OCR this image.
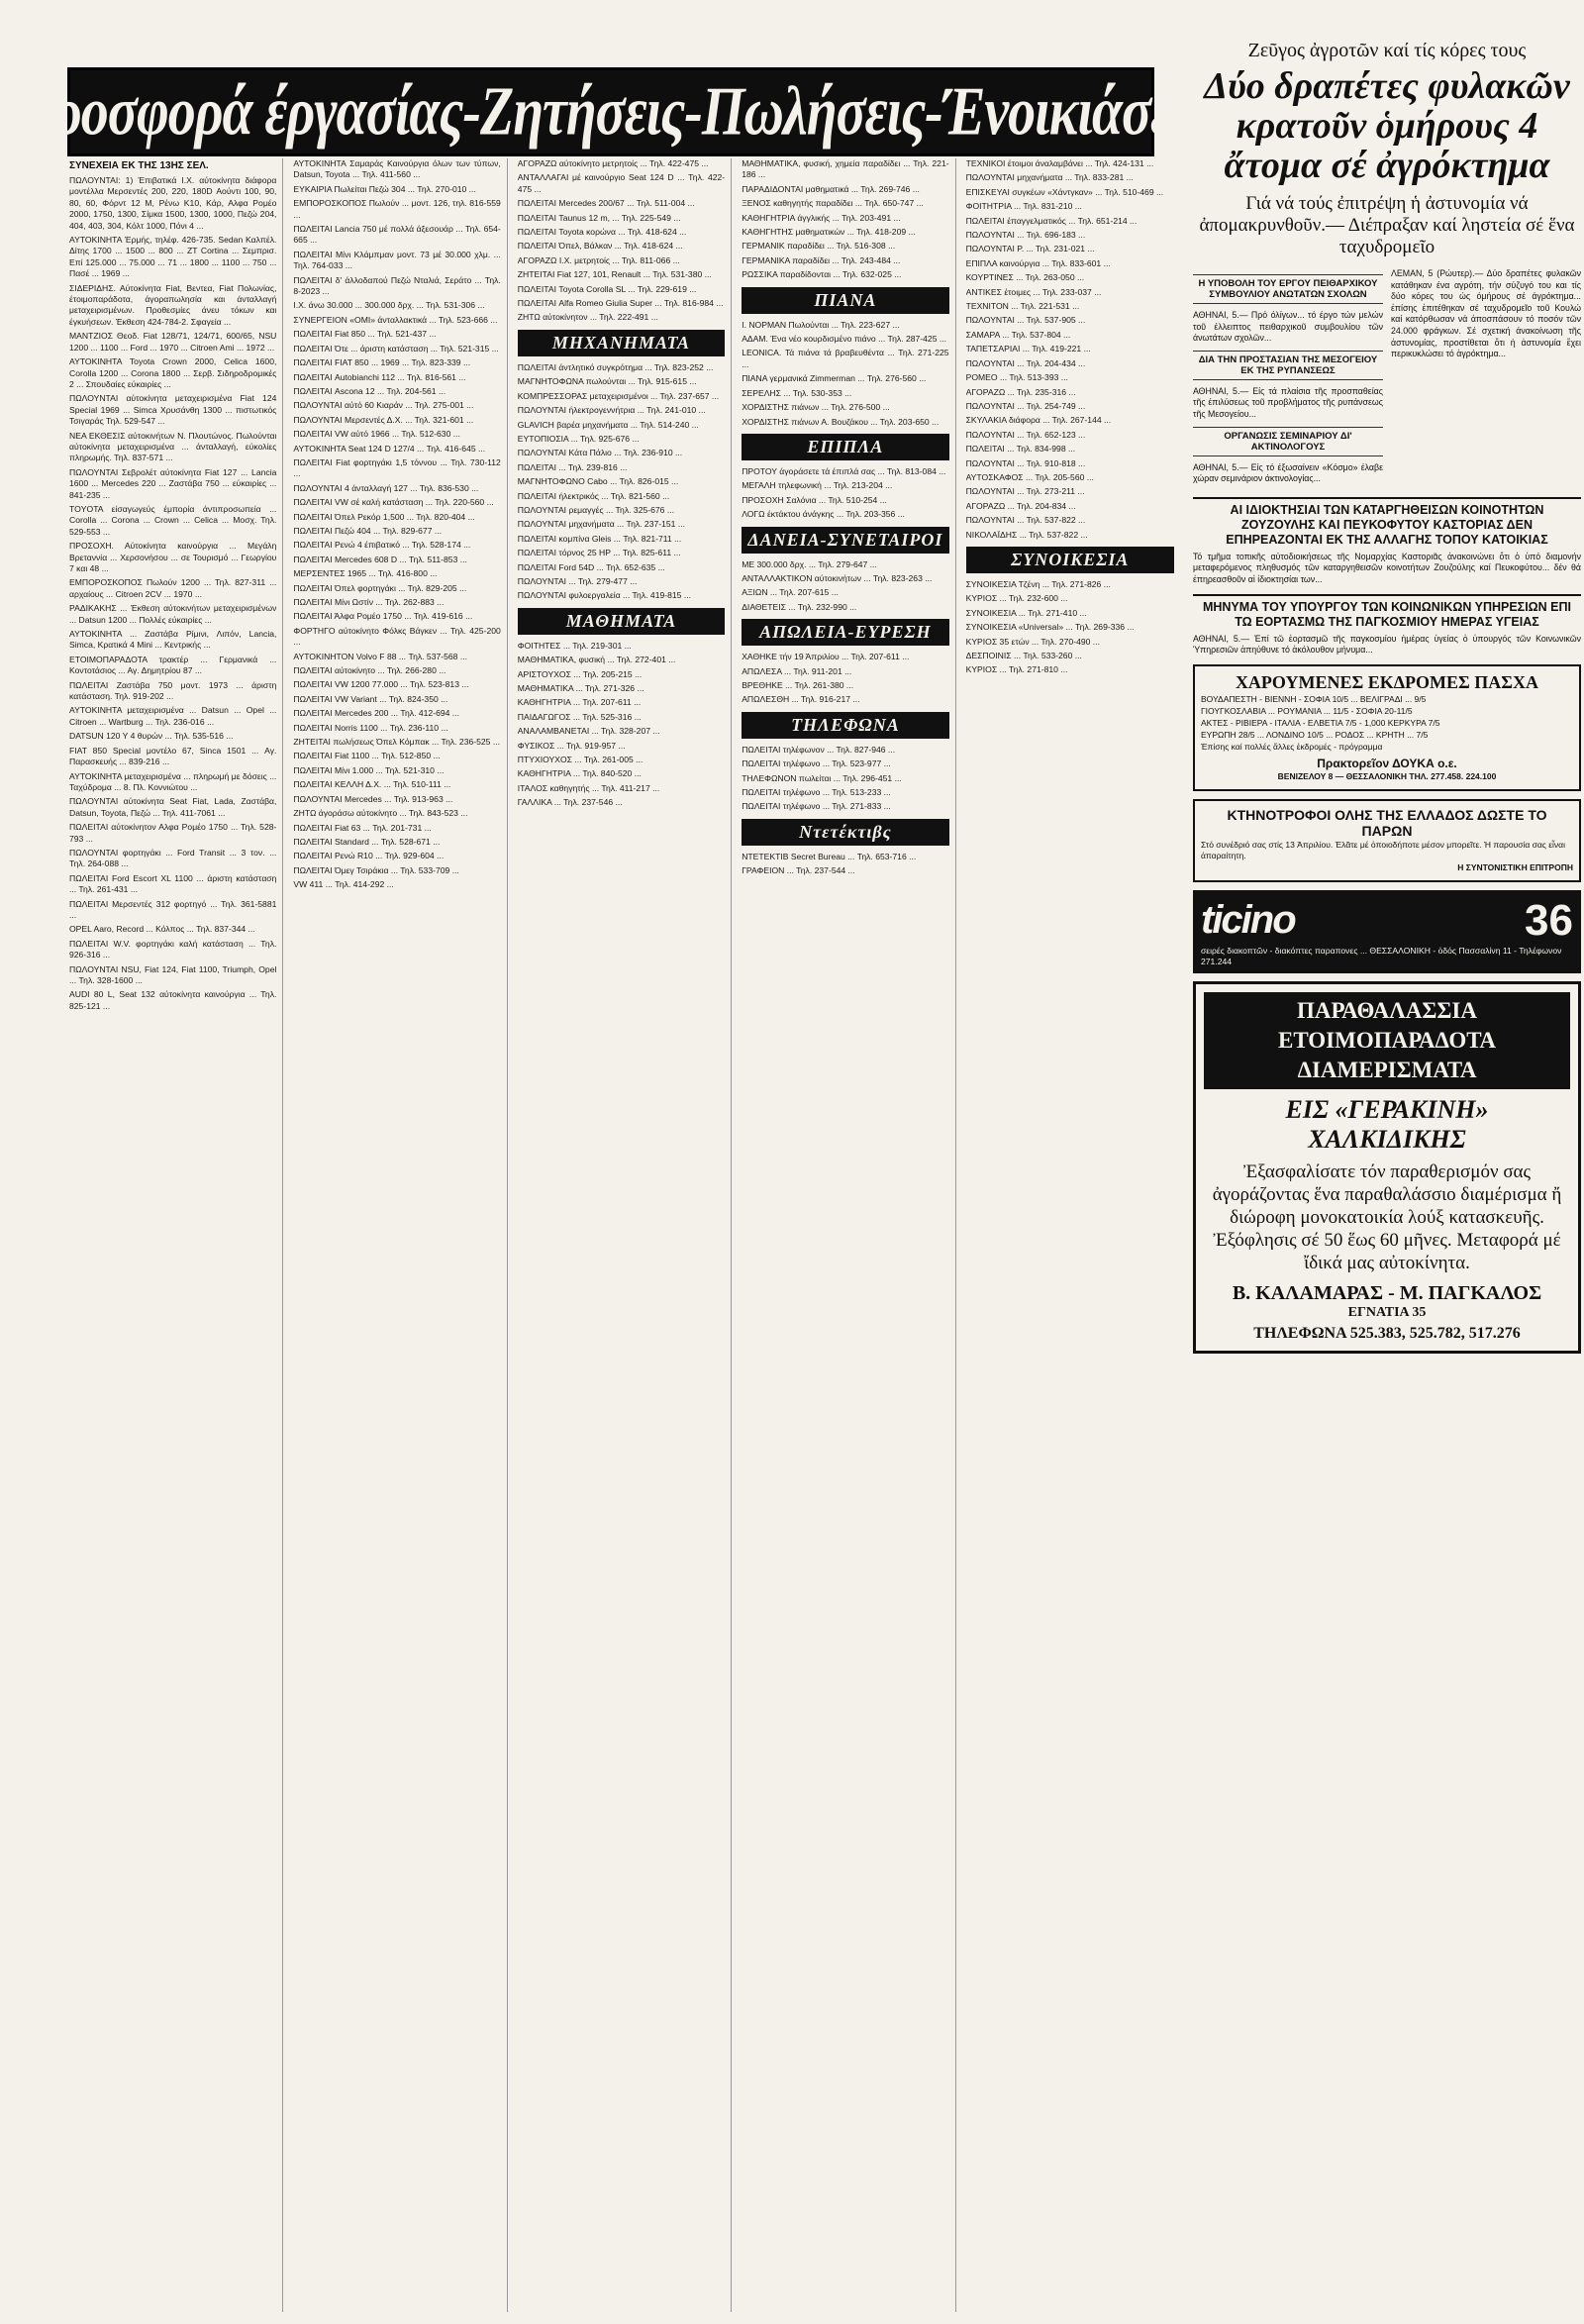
Προσφορά έργασίας-Ζητήσεις-Πωλήσεις-Ένοικιάσεις
ΣΥΝΕΧΕΙΑ ΕΚ ΤΗΣ 13ΗΣ ΣΕΛ.
ΠΩΛΟΥΝΤΑΙ: 1) Έπιβατικά Ι.Χ. αύτοκίνητα διάφορα μοντέλλα Μερσεντές 200, 220, 180D Αούντι 100, 90, 80, 60, Φόρντ 12 Μ, Ρένω Κ10, Κάρ, Αλφα Ρομέο 2000, 1750, 1300, Σίμκα 1500, 1300, 1000, Πεζώ 204, 404, 403, 304, Κόλτ 1000, Πόνι 4 ...
ΑΥΤΟΚΙΝΗΤΑ Έρμής, τηλέφ. 426-735. Sedan Καλπέλ. Δίτης 1700 ... 1500 ... 800 ... ΖΤ Cortina ... Σεμπρισ. Επί 125.000 ... 75.000 ... 71 ... 1800 ... 1100 ... 750 ... Πασέ ... 1969 ...
ΣΙΔΕΡΙΔΗΣ. Αύτοκίνητα Fiat, Βεντεα, Fiat Πολωνίας, έτοιμοπαράδοτα, άγοραπωλησία και άνταλλαγή μεταχειρισμένων. Προθεσμίες άνευ τόκων και έγκυήσεων. Έκθεση 424-784-2. Σφαγεία ...
ΜΑΝΤΖΙΟΣ Θεοδ. Fiat 128/71, 124/71, 600/65, NSU 1200 ... 1100 ... Ford ... 1970 ... Citroen Ami ... 1972 ...
ΑΥΤΟΚΙΝΗΤΑ Toyota Crown 2000, Celica 1600, Corolla 1200 ... Corona 1800 ... Σερβ. Σιδηροδρομικές 2 ... Σπουδαίες εύκαιρίες ...
ΠΩΛΟΥΝΤΑΙ αύτοκίνητα μεταχειρισμένα Fiat 124 Special 1969 ... Simca Χρυσάνθη 1300 ... πιστωτικός Τσιγαράς Τηλ. 529-547 ...
NEA ΕΚΘΕΣΙΣ αύτοκινήτων Ν. Πλουτώνος. Πωλούνται αύτοκίνητα μεταχειρισμένα ... άνταλλαγή, εύκολίες πληρωμής. Τηλ. 837-571 ...
ΠΩΛΟΥΝΤΑΙ Σεβρολέτ αύτοκίνητα Fiat 127 ... Lancia 1600 ... Mercedes 220 ... Ζαστάβα 750 ... εύκαιρίες ... 841-235 ...
TOYOTA είσαγωγεύς έμπορία άντιπροσωπεία ... Corolla ... Corona ... Crown ... Celica ... Μοσχ. Τηλ. 529-553 ...
ΠΡΟΣΟΧΗ. Αύτοκίνητα καινούργια ... Μεγάλη Βρεταννία ... Χερσονήσου ... σε Τουρισμό ... Γεωργίου 7 και 48 ...
ΕΜΠΟΡΟΣΚΟΠΟΣ Πωλούν 1200 ... Τηλ. 827-311 ... αρχαίους ... Citroen 2CV ... 1970 ...
ΡΑΔΙΚΑΚΗΣ ... Έκθεση αύτοκινήτων μεταχειρισμένων ... Datsun 1200 ... Πολλές εύκαιρίες ...
ΑΥΤΟΚΙΝΗΤΑ ... Ζαστάβα Ρίμινι, Λιπόν, Lancia, Simca, Κρατικά 4 Mini ... Κεντρικής ...
ΕΤΟΙΜΟΠΑΡΑΔΟΤΑ τρακτέρ ... Γερμανικά ... Κοντοτάσιος ... Αγ. Δημητρίου 87 ...
ΠΩΛΕΙΤΑΙ Ζαστάβα 750 μοντ. 1973 ... άριστη κατάσταση. Τηλ. 919-202 ...
ΑΥΤΟΚΙΝΗΤΑ μεταχειρισμένα ... Datsun ... Opel ... Citroen ... Wartburg ... Τηλ. 236-016 ...
DATSUN 120 Y 4 θυρών ... Τηλ. 535-516 ...
FIAT 850 Special μοντέλο 67, Sinca 1501 ... Αγ. Παρασκευής ... 839-216 ...
ΑΥΤΟΚΙΝΗΤΑ μεταχειρισμένα ... πληρωμή με δόσεις ... Ταχύδρομα ... 8. Πλ. Κοννιώτου ...
ΠΩΛΟΥΝΤΑΙ αύτοκίνητα Seat Fiat, Lada, Ζαστάβα, Datsun, Toyota, Πεζώ ... Τηλ. 411-7061 ...
ΠΩΛΕΙΤΑΙ αύτοκίνητον Αλφα Ρομέο 1750 ... Τηλ. 528-793 ...
ΠΩΛΟΥΝΤΑΙ φορτηγάκι ... Ford Transit ... 3 τον. ... Τηλ. 264-088 ...
ΠΩΛΕΙΤΑΙ Ford Escort XL 1100 ... άριστη κατάσταση ... Τηλ. 261-431 ...
ΠΩΛΕΙΤΑΙ Μερσεντές 312 φορτηγό ... Τηλ. 361-5881 ...
OPEL Aaro, Record ... Κόλπος ... Τηλ. 837-344 ...
ΠΩΛΕΙΤΑΙ W.V. φορτηγάκι καλή κατάσταση ... Τηλ. 926-316 ...
ΠΩΛΟΥΝΤΑΙ NSU, Fiat 124, Fiat 1100, Triumph, Opel ... Τηλ. 328-1600 ...
AUDI 80 L, Seat 132 αύτοκίνητα καινούργια ... Τηλ. 825-121 ...
ΑΥΤΟΚΙΝΗΤΑ Σαμαράς Καινούργια όλων των τύπων, Datsun, Toyota ... Τηλ. 411-560 ...
ΕΥΚΑΙΡΙΑ Πωλείται Πεζώ 304 ... Τηλ. 270-010 ...
ΕΜΠΟΡΟΣΚΟΠΟΣ Πωλούν ... μοντ. 126, τηλ. 816-559 ...
ΠΩΛΕΙΤΑΙ Lancia 750 μέ πολλά άξεσουάρ ... Τηλ. 654-665 ...
ΠΩΛΕΙΤΑΙ Μίνι Κλάμπμαν μοντ. 73 μέ 30.000 χλμ. ... Τηλ. 764-033 ...
ΠΩΛΕΙΤΑΙ δ' άλλοδαπού Πεζώ Νταλιά, Σεράτο ... Τηλ. 8-2023 ...
Ι.Χ. άνω 30.000 ... 300.000 δρχ. ... Τηλ. 531-306 ...
ΣΥΝΕΡΓΕΙΟΝ «ΟΜΙ» άνταλλακτικά ... Τηλ. 523-666 ...
ΠΩΛΕΙΤΑΙ Fiat 850 ... Τηλ. 521-437 ...
ΠΩΛΕΙΤΑΙ Ότε ... άριστη κατάσταση ... Τηλ. 521-315 ...
ΠΩΛΕΙΤΑΙ FIAT 850 ... 1969 ... Τηλ. 823-339 ...
ΠΩΛΕΙΤΑΙ Autobianchi 112 ... Τηλ. 816-561 ...
ΠΩΛΕΙΤΑΙ Ascona 12 ... Τηλ. 204-561 ...
ΠΩΛΟΥΝΤΑΙ αύτό 60 Κιαράν ... Τηλ. 275-001 ...
ΠΩΛΟΥΝΤΑΙ Μερσεντές Δ.Χ. ... Τηλ. 321-601 ...
ΠΩΛΕΙΤΑΙ VW αύτό 1966 ... Τηλ. 512-630 ...
ΑΥΤΟΚΙΝΗΤΑ Seat 124 D 127/4 ... Τηλ. 416-645 ...
ΠΩΛΕΙΤΑΙ Fiat φορτηγάκι 1,5 τόννου ... Τηλ. 730-112 ...
ΠΩΛΟΥΝΤΑΙ 4 άνταλλαγή 127 ... Τηλ. 836-530 ...
ΠΩΛΕΙΤΑΙ VW σέ καλή κατάσταση ... Τηλ. 220-560 ...
ΠΩΛΕΙΤΑΙ Όπελ Ρεκόρ 1,500 ... Τηλ. 820-404 ...
ΠΩΛΕΙΤΑΙ Πεζώ 404 ... Τηλ. 829-677 ...
ΠΩΛΕΙΤΑΙ Ρενώ 4 έπιβατικό ... Τηλ. 528-174 ...
ΠΩΛΕΙΤΑΙ Mercedes 608 D ... Τηλ. 511-853 ...
ΜΕΡΣΕΝΤΕΣ 1965 ... Τηλ. 416-800 ...
ΠΩΛΕΙΤΑΙ Όπελ φορτηγάκι ... Τηλ. 829-205 ...
ΠΩΛΕΙΤΑΙ Μίνι Ωστίν ... Τηλ. 262-883 ...
ΠΩΛΕΙΤΑΙ Άλφα Ρομέο 1750 ... Τηλ. 419-616 ...
ΦΟΡΤΗΓΟ αύτοκίνητο Φόλκς Βάγκεν ... Τηλ. 425-200 ...
ΑΥΤΟΚΙΝΗΤΟΝ Volvo F 88 ... Τηλ. 537-568 ...
ΠΩΛΕΙΤΑΙ αύτοκίνητο ... Τηλ. 266-280 ...
ΠΩΛΕΙΤΑΙ VW 1200 77.000 ... Τηλ. 523-813 ...
ΠΩΛΕΙΤΑΙ VW Variant ... Τηλ. 824-350 ...
ΠΩΛΕΙΤΑΙ Mercedes 200 ... Τηλ. 412-694 ...
ΠΩΛΕΙΤΑΙ Norris 1100 ... Τηλ. 236-110 ...
ΖΗΤΕΙΤΑΙ πωλήσεως Όπελ Κόμπακ ... Τηλ. 236-525 ...
ΠΩΛΕΙΤΑΙ Fiat 1100 ... Τηλ. 512-850 ...
ΠΩΛΕΙΤΑΙ Μίνι 1.000 ... Τηλ. 521-310 ...
ΠΩΛΕΙΤΑΙ ΚΕΛΛΗ Δ.Χ. ... Τηλ. 510-111 ...
ΠΩΛΟΥΝΤΑΙ Mercedes ... Τηλ. 913-963 ...
ΖΗΤΩ άγοράσω αύτοκίνητο ... Τηλ. 843-523 ...
ΠΩΛΕΙΤΑΙ Fiat 63 ... Τηλ. 201-731 ...
ΠΩΛΕΙΤΑΙ Standard ... Τηλ. 528-671 ...
ΠΩΛΕΙΤΑΙ Ρενώ R10 ... Τηλ. 929-604 ...
ΠΩΛΕΙΤΑΙ Όμεγ Τσιράκια ... Τηλ. 533-709 ...
VW 411 ... Τηλ. 414-292 ...
ΑΓΟΡΑΖΩ αύτοκίνητο μετρητοίς ... Τηλ. 422-475 ...
ΑΝΤΑΛΛΑΓΑΙ μέ καινούργιο Seat 124 D ... Τηλ. 422-475 ...
ΠΩΛΕΙΤΑΙ Mercedes 200/67 ... Τηλ. 511-004 ...
ΠΩΛΕΙΤΑΙ Taunus 12 m, ... Τηλ. 225-549 ...
ΠΩΛΕΙΤΑΙ Toyota κορώνα ... Τηλ. 418-624 ...
ΠΩΛΕΙΤΑΙ Όπελ, Βάλκαν ... Τηλ. 418-624 ...
ΑΓΟΡΑΖΩ Ι.Χ. μετρητοίς ... Τηλ. 811-066 ...
ΖΗΤΕΙΤΑΙ Fiat 127, 101, Renault ... Τηλ. 531-380 ...
ΠΩΛΕΙΤΑΙ Toyota Corolla SL ... Τηλ. 229-619 ...
ΠΩΛΕΙΤΑΙ Alfa Romeo Giulia Super ... Τηλ. 816-984 ...
ΖΗΤΩ αύτοκίνητον ... Τηλ. 222-491 ...
ΜΗΧΑΝΗΜΑΤΑ
ΠΩΛΕΙΤΑΙ άντλητικό συγκρότημα ... Τηλ. 823-252 ...
ΜΑΓΝΗΤΟΦΩΝΑ πωλούνται ... Τηλ. 915-615 ...
ΚΟΜΠΡΕΣΣΟΡΑΣ μεταχειρισμένοι ... Τηλ. 237-657 ...
ΠΩΛΟΥΝΤΑΙ ήλεκτρογεννήτρια ... Τηλ. 241-010 ...
GLAVICH βαρέα μηχανήματα ... Τηλ. 514-240 ...
ΕΥΤΟΠΙΟΣΙΑ ... Τηλ. 925-676 ...
ΠΩΛΟΥΝΤΑΙ Κάτα Πάλιο ... Τηλ. 236-910 ...
ΠΩΛΕΙΤΑΙ ... Τηλ. 239-816 ...
ΜΑΓΝΗΤΟΦΩΝΟ Cabo ... Τηλ. 826-015 ...
ΠΩΛΕΙΤΑΙ ήλεκτρικός ... Τηλ. 821-560 ...
ΠΩΛΟΥΝΤΑΙ ρεμαγγές ... Τηλ. 325-676 ...
ΠΩΛΟΥΝΤΑΙ μηχανήματα ... Τηλ. 237-151 ...
ΠΩΛΕΙΤΑΙ κομπίνα Gleis ... Τηλ. 821-711 ...
ΠΩΛΕΙΤΑΙ τόρνος 25 HP ... Τηλ. 825-611 ...
ΠΩΛΕΙΤΑΙ Ford 54D ... Τηλ. 652-635 ...
ΠΩΛΟΥΝΤΑΙ ... Τηλ. 279-477 ...
ΠΩΛΟΥΝΤΑΙ φυλοεργαλεία ... Τηλ. 419-815 ...
ΜΑΘΗΜΑΤΑ
ΦΟΙΤΗΤΕΣ ... Τηλ. 219-301 ...
ΜΑΘΗΜΑΤΙΚΑ, φυσική ... Τηλ. 272-401 ...
ΑΡΙΣΤΟΥΧΟΣ ... Τηλ. 205-215 ...
ΜΑΘΗΜΑΤΙΚΑ ... Τηλ. 271-326 ...
ΚΑΘΗΓΗΤΡΙΑ ... Τηλ. 207-611 ...
ΠΑΙΔΑΓΩΓΟΣ ... Τηλ. 525-316 ...
ΑΝΑΛΑΜΒΑΝΕΤΑΙ ... Τηλ. 328-207 ...
ΦΥΣΙΚΟΣ ... Τηλ. 919-957 ...
ΠΤΥΧΙΟΥΧΟΣ ... Τηλ. 261-005 ...
ΚΑΘΗΓΗΤΡΙΑ ... Τηλ. 840-520 ...
ΙΤΑΛΟΣ καθηγητής ... Τηλ. 411-217 ...
ΓΑΛΛΙΚΑ ... Τηλ. 237-546 ...
ΜΑΘΗΜΑΤΙΚΑ, φυσική, χημεία παραδίδει ... Τηλ. 221-186 ...
ΠΑΡΑΔΙΔΟΝΤΑΙ μαθηματικά ... Τηλ. 269-746 ...
ΞΕΝΟΣ καθηγητής παραδίδει ... Τηλ. 650-747 ...
ΚΑΘΗΓΗΤΡΙΑ άγγλικής ... Τηλ. 203-491 ...
ΚΑΘΗΓΗΤΗΣ μαθηματικών ... Τηλ. 418-209 ...
ΓΕΡΜΑΝΙΚ παραδίδει ... Τηλ. 516-308 ...
ΓΕΡΜΑΝΙΚΑ παραδίδει ... Τηλ. 243-484 ...
ΡΩΣΣΙΚΑ παραδίδονται ... Τηλ. 632-025 ...
ΠΙΑΝΑ
Ι. ΝΟΡΜΑΝ Πωλούνται ... Τηλ. 223-627 ...
ΑΔΑΜ. Ένα νέο κουρδισμένο πιάνο ... Τηλ. 287-425 ...
LEONICA. Τά πιάνα τά βραβευθέντα ... Τηλ. 271-225 ...
ΠΙΑΝΑ γερμανικά Zimmerman ... Τηλ. 276-560 ...
ΣΕΡΕΛΗΣ ... Τηλ. 530-353 ...
ΧΟΡΔΙΣΤΗΣ πιάνων ... Τηλ. 276-500 ...
ΧΟΡΔΙΣΤΗΣ πιάνων Α. Βουζάκου ... Τηλ. 203-650 ...
ΕΠΙΠΛΑ
ΠΡΟΤΟΥ άγοράσετε τά έπιπλά σας ... Τηλ. 813-084 ...
ΜΕΓΑΛΗ τηλεφωνική ... Τηλ. 213-204 ...
ΠΡΟΣΟΧΗ Σαλόνια ... Τηλ. 510-254 ...
ΛΟΓΩ έκτάκτου άνάγκης ... Τηλ. 203-356 ...
ΔΑΝΕΙΑ-ΣΥΝΕΤΑΙΡΟΙ
ΜΕ 300.000 δρχ. ... Τηλ. 279-647 ...
ΑΝΤΑΛΛΑΚΤΙΚΟΝ αύτοκινήτων ... Τηλ. 823-263 ...
ΑΞΙΩΝ ... Τηλ. 207-615 ...
ΔΙΑΘΕΤΕΙΣ ... Τηλ. 232-990 ...
ΑΠΩΛΕΙΑ-ΕΥΡΕΣΗ
ΧΑΘΗΚΕ τήν 19 Άπριλίου ... Τηλ. 207-611 ...
ΑΠΩΛΕΣΑ ... Τηλ. 911-201 ...
ΒΡΕΘΗΚΕ ... Τηλ. 261-380 ...
ΑΠΩΛΕΣΘΗ ... Τηλ. 916-217 ...
ΤΗΛΕΦΩΝΑ
ΠΩΛΕΙΤΑΙ τηλέφωνον ... Τηλ. 827-946 ...
ΠΩΛΕΙΤΑΙ τηλέφωνο ... Τηλ. 523-977 ...
ΤΗΛΕΦΩΝΟΝ πωλείται ... Τηλ. 296-451 ...
ΠΩΛΕΙΤΑΙ τηλέφωνο ... Τηλ. 513-233 ...
ΠΩΛΕΙΤΑΙ τηλέφωνο ... Τηλ. 271-833 ...
Ντετέκτιβς
ΝΤΕΤΕΚΤΙΒ Secret Bureau ... Τηλ. 653-716 ...
ΓΡΑΦΕΙΟΝ ... Τηλ. 237-544 ...
ΤΕΧΝΙΚΟΙ έτοιμοι άναλαμβάνει ... Τηλ. 424-131 ...
ΠΩΛΟΥΝΤΑΙ μηχανήματα ... Τηλ. 833-281 ...
ΕΠΙΣΚΕΥΑΙ συγκέων «Χάντγκαν» ... Τηλ. 510-469 ...
ΦΟΙΤΗΤΡΙΑ ... Τηλ. 831-210 ...
ΠΩΛΕΙΤΑΙ έπαγγελματικός ... Τηλ. 651-214 ...
ΠΩΛΟΥΝΤΑΙ ... Τηλ. 696-183 ...
ΠΩΛΟΥΝΤΑΙ Ρ. ... Τηλ. 231-021 ...
ΕΠΙΠΛΑ καινούργια ... Τηλ. 833-601 ...
ΚΟΥΡΤΙΝΕΣ ... Τηλ. 263-050 ...
ΑΝΤΙΚΕΣ έτοιμες ... Τηλ. 233-037 ...
ΤΕΧΝΙΤΟΝ ... Τηλ. 221-531 ...
ΠΩΛΟΥΝΤΑΙ ... Τηλ. 537-905 ...
ΣΑΜΑΡΑ ... Τηλ. 537-804 ...
ΤΑΠΕΤΣΑΡΙΑΙ ... Τηλ. 419-221 ...
ΠΩΛΟΥΝΤΑΙ ... Τηλ. 204-434 ...
ΡΟΜΕΟ ... Τηλ. 513-393 ...
ΑΓΟΡΑΖΩ ... Τηλ. 235-316 ...
ΠΩΛΟΥΝΤΑΙ ... Τηλ. 254-749 ...
ΣΚΥΛΑΚΙΑ διάφορα ... Τηλ. 267-144 ...
ΠΩΛΟΥΝΤΑΙ ... Τηλ. 652-123 ...
ΠΩΛΕΙΤΑΙ ... Τηλ. 834-998 ...
ΠΩΛΟΥΝΤΑΙ ... Τηλ. 910-818 ...
ΑΥΤΟΣΚΑΦΟΣ ... Τηλ. 205-560 ...
ΠΩΛΟΥΝΤΑΙ ... Τηλ. 273-211 ...
ΑΓΟΡΑΖΩ ... Τηλ. 204-834 ...
ΠΩΛΟΥΝΤΑΙ ... Τηλ. 537-822 ...
ΝΙΚΟΛΑΪΔΗΣ ... Τηλ. 537-822 ...
ΣΥΝΟΙΚΕΣΙΑ
ΣΥΝΟΙΚΕΣΙΑ Τζένη ... Τηλ. 271-826 ...
ΚΥΡΙΟΣ ... Τηλ. 232-600 ...
ΣΥΝΟΙΚΕΣΙΑ ... Τηλ. 271-410 ...
ΣΥΝΟΙΚΕΣΙΑ «Universal» ... Τηλ. 269-336 ...
ΚΥΡΙΟΣ 35 ετών ... Τηλ. 270-490 ...
ΔΕΣΠΟΙΝΙΣ ... Τηλ. 533-260 ...
ΚΥΡΙΟΣ ... Τηλ. 271-810 ...

Ζεῦγος ἀγροτῶν καί τίς κόρες τους

Δύο δραπέτες φυλακῶν κρατοῦν ὁμήρους 4 ἄτομα σέ ἀγρόκτημα

Γιά νά τούς ἐπιτρέψη ἡ ἀστυνομία νά ἀπομακρυνθοῦν.— Διέπραξαν καί ληστεία σέ ἕνα ταχυδρομεῖο

Η ΥΠΟΒΟΛΗ ΤΟΥ ΕΡΓΟΥ ΠΕΙΘΑΡΧΙΚΟΥ ΣΥΜΒΟΥΛΙΟΥ ΑΝΩΤΑΤΩΝ ΣΧΟΛΩΝ

ΑΘΗΝΑΙ, 5.— Πρό όλίγων... τό έργο τών μελών τοῦ έλλειπτος πειθαρχικοῦ συμβουλίου τῶν άνωτάτων σχολῶν...

ΔΙΑ ΤΗΝ ΠΡΟΣΤΑΣΙΑΝ ΤΗΣ ΜΕΣΟΓΕΙΟΥ ΕΚ ΤΗΣ ΡΥΠΑΝΣΕΩΣ

ΑΘΗΝΑΙ, 5.— Είς τά πλαίσια τῆς προσπαθείας τῆς έπιλύσεως τοῦ προβλήματος τῆς ρυπάνσεως τῆς Μεσογείου...

ΟΡΓΑΝΩΣΙΣ ΣΕΜΙΝΑΡΙΟΥ ΔΙ' ΑΚΤΙΝΟΛΟΓΟΥΣ

ΑΘΗΝΑΙ, 5.— Είς τό έξωσαίνειν «Κόσμο» έλαβε χώραν σεμινάριον άκτινολογίας...

ΛΕΜΑΝ, 5 (Ρώυτερ).— Δύο δραπέτες φυλακῶν κατάθηκαν ένα αγρότη, τήν σύζυγό του και τίς δύο κόρες του ώς όμήρους σέ άγρόκτημα... ἐπίσης ἐπιτέθηκαν σέ ταχυδρομεῖο τοῦ Κουλώ καί κατόρθωσαν νά ἀποσπάσουν τό ποσόν τῶν 24.000 φράγκων. Σέ σχετική άνακοίνωση τῆς ἀστυνομίας, προστίθεται ὅτι ἡ ἀστυνομία ἔχει περικυκλώσει τό ἀγρόκτημα...

ΑΙ ΙΔΙΟΚΤΗΣΙΑΙ ΤΩΝ ΚΑΤΑΡΓΗΘΕΙΣΩΝ ΚΟΙΝΟΤΗΤΩΝ ΖΟΥΖΟΥΛΗΣ ΚΑΙ ΠΕΥΚΟΦΥΤΟΥ ΚΑΣΤΟΡΙΑΣ ΔΕΝ ΕΠΗΡΕΑΖΟΝΤΑΙ ΕΚ ΤΗΣ ΑΛΛΑΓΗΣ ΤΟΠΟΥ ΚΑΤΟΙΚΙΑΣ

Τό τμῆμα τοπικῆς αύτοδιοικήσεως τῆς Νομαρχίας Καστοριᾶς ἀνακοινώνει ὅτι ὁ ὑπό διαμονήν μεταφερόμενος πληθυσμός τῶν καταργηθεισῶν κοινοτήτων Ζουζούλης καί Πευκοφύτου... δέν θά ἐπηρεασθοῦν αἱ ἰδιοκτησίαι των...

ΜΗΝΥΜΑ ΤΟΥ ΥΠΟΥΡΓΟΥ ΤΩΝ ΚΟΙΝΩΝΙΚΩΝ ΥΠΗΡΕΣΙΩΝ ΕΠΙ ΤΩ ΕΟΡΤΑΣΜΩ ΤΗΣ ΠΑΓΚΟΣΜΙΟΥ ΗΜΕΡΑΣ ΥΓΕΙΑΣ

ΑΘΗΝΑΙ, 5.— Ἐπί τῶ ἑορτασμῶ τῆς παγκοσμίου ἡμέρας ὑγείας ὁ ὑπουργός τῶν Κοινωνικῶν Ὑπηρεσιῶν ἀπηύθυνε τό ἀκόλουθον μήνυμα...

ΧΑΡΟΥΜΕΝΕΣ ΕΚΔΡΟΜΕΣ ΠΑΣΧΑ
ΒΟΥΔΑΠΕΣΤΗ - ΒΙΕΝΝΗ - ΣΟΦΙΑ 10/5 ... ΒΕΛΙΓΡΑΔΙ ... 9/5
ΓΙΟΥΓΚΟΣΛΑΒΙΑ ... ΡΟΥΜΑΝΙΑ ... 11/5 - ΣΟΦΙΑ 20-11/5
ΑΚΤΕΣ - ΡΙΒΙΕΡΑ - ΙΤΑΛΙΑ - ΕΛΒΕΤΙΑ 7/5 - 1,000 ΚΕΡΚΥΡΑ 7/5
ΕΥΡΩΠΗ 28/5 ... ΛΟΝΔΙΝΟ 10/5 ... ΡΟΔΟΣ ... ΚΡΗΤΗ ... 7/5
Ἐπίσης καί πολλές ἄλλες ἐκδρομές - πρόγραμμα
Πρακτορεῖον ΔΟΥΚΑ ο.ε.
ΒΕΝΙΖΕΛΟΥ 8 — ΘΕΣΣΑΛΟΝΙΚΗ ΤΗΛ. 277.458. 224.100
ΚΤΗΝΟΤΡΟΦΟΙ ΟΛΗΣ ΤΗΣ ΕΛΛΑΔΟΣ ΔΩΣΤΕ ΤΟ ΠΑΡΩΝ
Στό συνέδριό σας στίς 13 Ἀπριλίου. Ἐλᾶτε μέ ὁποιοδήποτε μέσον μπορεῖτε. Ἡ παρουσία σας εἶναι ἀπαραίτητη.
Η ΣΥΝΤΟΝΙΣΤΙΚΗ ΕΠΙΤΡΟΠΗ
ticino	36
σειρές διακοπτῶν - διακόπτες παραπονες ... ΘΕΣΣΑΛΟΝΙΚΗ - ὁδός Πασσαλίνη 11 - Τηλέφωνον 271.244
ΠΑΡΑΘΑΛΑΣΣΙΑ ΕΤΟΙΜΟΠΑΡΑΔΟΤΑ ΔΙΑΜΕΡΙΣΜΑΤΑ
ΕΙΣ «ΓΕΡΑΚΙΝΗ» ΧΑΛΚΙΔΙΚΗΣ
Ἐξασφαλίσατε τόν παραθερισμόν σας ἀγοράζοντας ἕνα παραθαλάσσιο διαμέρισμα ἤ διώροφη μονοκατοικία λούξ κατασκευῆς. Ἐξόφλησις σέ 50 ἕως 60 μῆνες. Μεταφορά μέ ἴδικά μας αὐτοκίνητα.
Β. ΚΑΛΑΜΑΡΑΣ - Μ. ΠΑΓΚΑΛΟΣ
ΕΓΝΑΤΙΑ 35
ΤΗΛΕΦΩΝΑ 525.383, 525.782, 517.276
